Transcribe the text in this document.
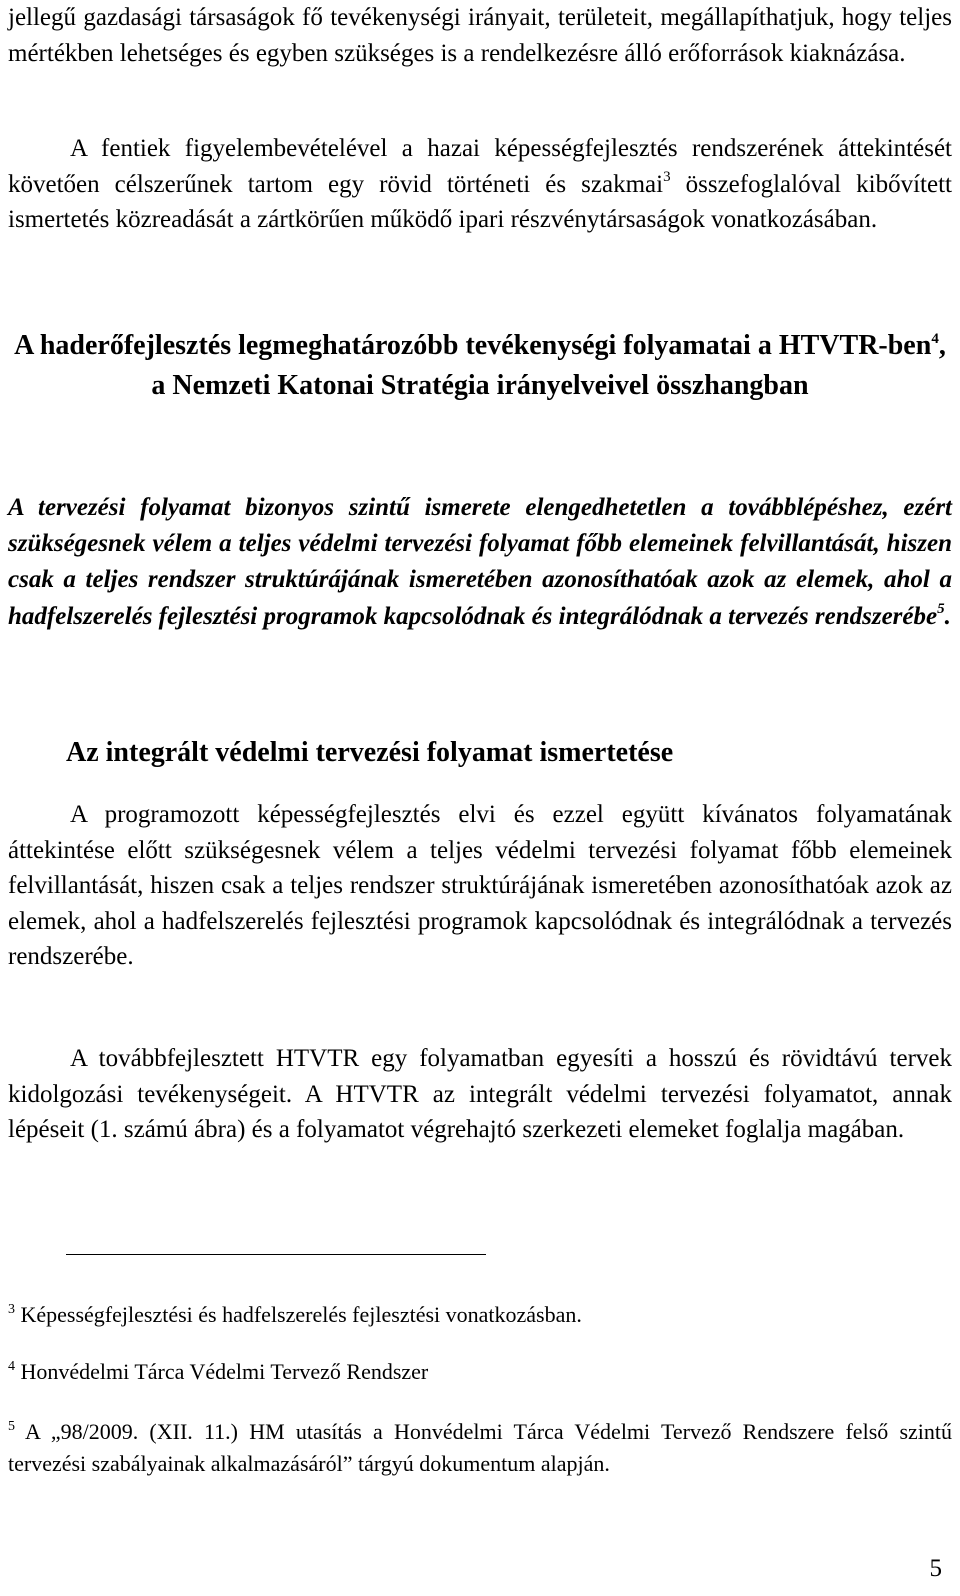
jellegű gazdasági társaságok fő tevékenységi irányait, területeit, megállapíthatjuk, hogy teljes mértékben lehetséges és egyben szükséges is a rendelkezésre álló erőforrások kiaknázása.

A fentiek figyelembevételével a hazai képességfejlesztés rendszerének áttekintését követően célszerűnek tartom egy rövid történeti és szakmai$^3$ összefoglalóval kibővített ismertetés közreadását a zártkörűen működő ipari részvénytársaságok vonatkozásában.

A haderőfejlesztés legmeghatározóbb tevékenységi folyamatai a HTVTR-ben$^4$, a Nemzeti Katonai Stratégia irányelveivel összhangban

A tervezési folyamat bizonyos szintű ismerete elengedhetetlen a továbblépéshez, ezért szükségesnek vélem a teljes védelmi tervezési folyamat főbb elemeinek felvillantását, hiszen csak a teljes rendszer struktúrájának ismeretében azonosíthatóak azok az elemek, ahol a hadfelszerelés fejlesztési programok kapcsolódnak és integrálódnak a tervezés rendszerébe$^5$.

Az integrált védelmi tervezési folyamat ismertetése

A programozott képességfejlesztés elvi és ezzel együtt kívánatos folyamatának áttekintése előtt szükségesnek vélem a teljes védelmi tervezési folyamat főbb elemeinek felvillantását, hiszen csak a teljes rendszer struktúrájának ismeretében azonosíthatóak azok az elemek, ahol a hadfelszerelés fejlesztési programok kapcsolódnak és integrálódnak a tervezés rendszerébe.

A továbbfejlesztett HTVTR egy folyamatban egyesíti a hosszú és rövidtávú tervek kidolgozási tevékenységeit. A HTVTR az integrált védelmi tervezési folyamatot, annak lépéseit (1. számú ábra) és a folyamatot végrehajtó szerkezeti elemeket foglalja magában.

$^3$ Képességfejlesztési és hadfelszerelés fejlesztési vonatkozásban.

$^4$ Honvédelmi Tárca Védelmi Tervező Rendszer

$^5$ A „98/2009. (XII. 11.) HM utasítás a Honvédelmi Tárca Védelmi Tervező Rendszere felső szintű tervezési szabályainak alkalmazásáról” tárgyú dokumentum alapján.

5
